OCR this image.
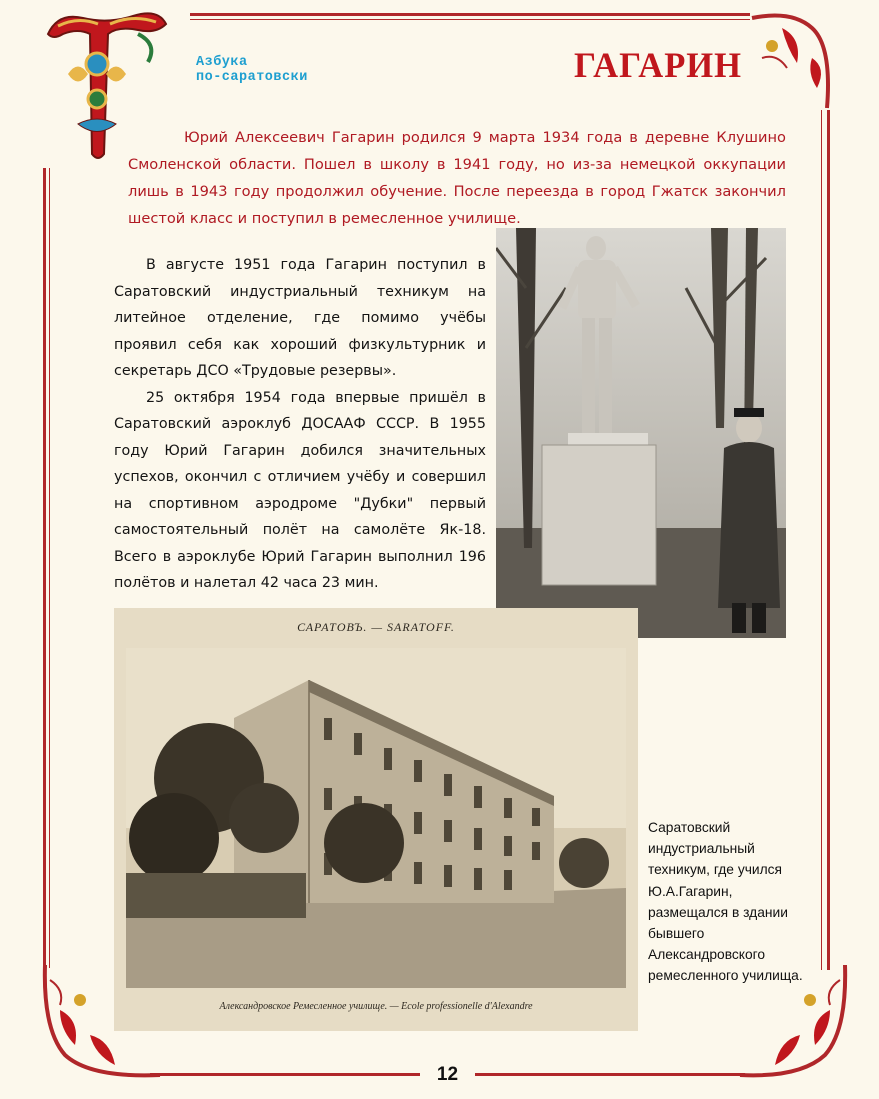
Азбука
по-саратовски	ГАГАРИН

Юрий Алексеевич Гагарин родился 9 марта 1934 года в деревне Клушино Смоленской области. Пошел в школу в 1941 году, но из-за немецкой оккупации лишь в 1943 году продолжил обучение. После переезда в город Гжатск закончил шестой класс и поступил в ремесленное училище.

В августе 1951 года Гагарин поступил в Саратовский индустриальный техникум на литейное отделение, где помимо учёбы проявил себя как хороший физкультурник и секретарь ДСО «Трудовые резервы».

25 октября 1954 года впервые пришёл в Саратовский аэроклуб ДОСААФ СССР. В 1955 году Юрий Гагарин добился значительных успехов, окончил с отличием учёбу и совершил на спортивном аэродроме "Дубки" первый самостоятельный полёт на самолёте Як-18. Всего в аэроклубе Юрий Гагарин выполнил 196 полётов и налетал 42 часа 23 мин.

САРАТОВЪ. — SARATOFF.
Александровское Ремесленное училище. — Ecole professionelle d'Alexandre
Саратовский индустриальный техникум, где учился Ю.А.Гагарин, размещался в здании бывшего Александровского ремесленного училища.
12
